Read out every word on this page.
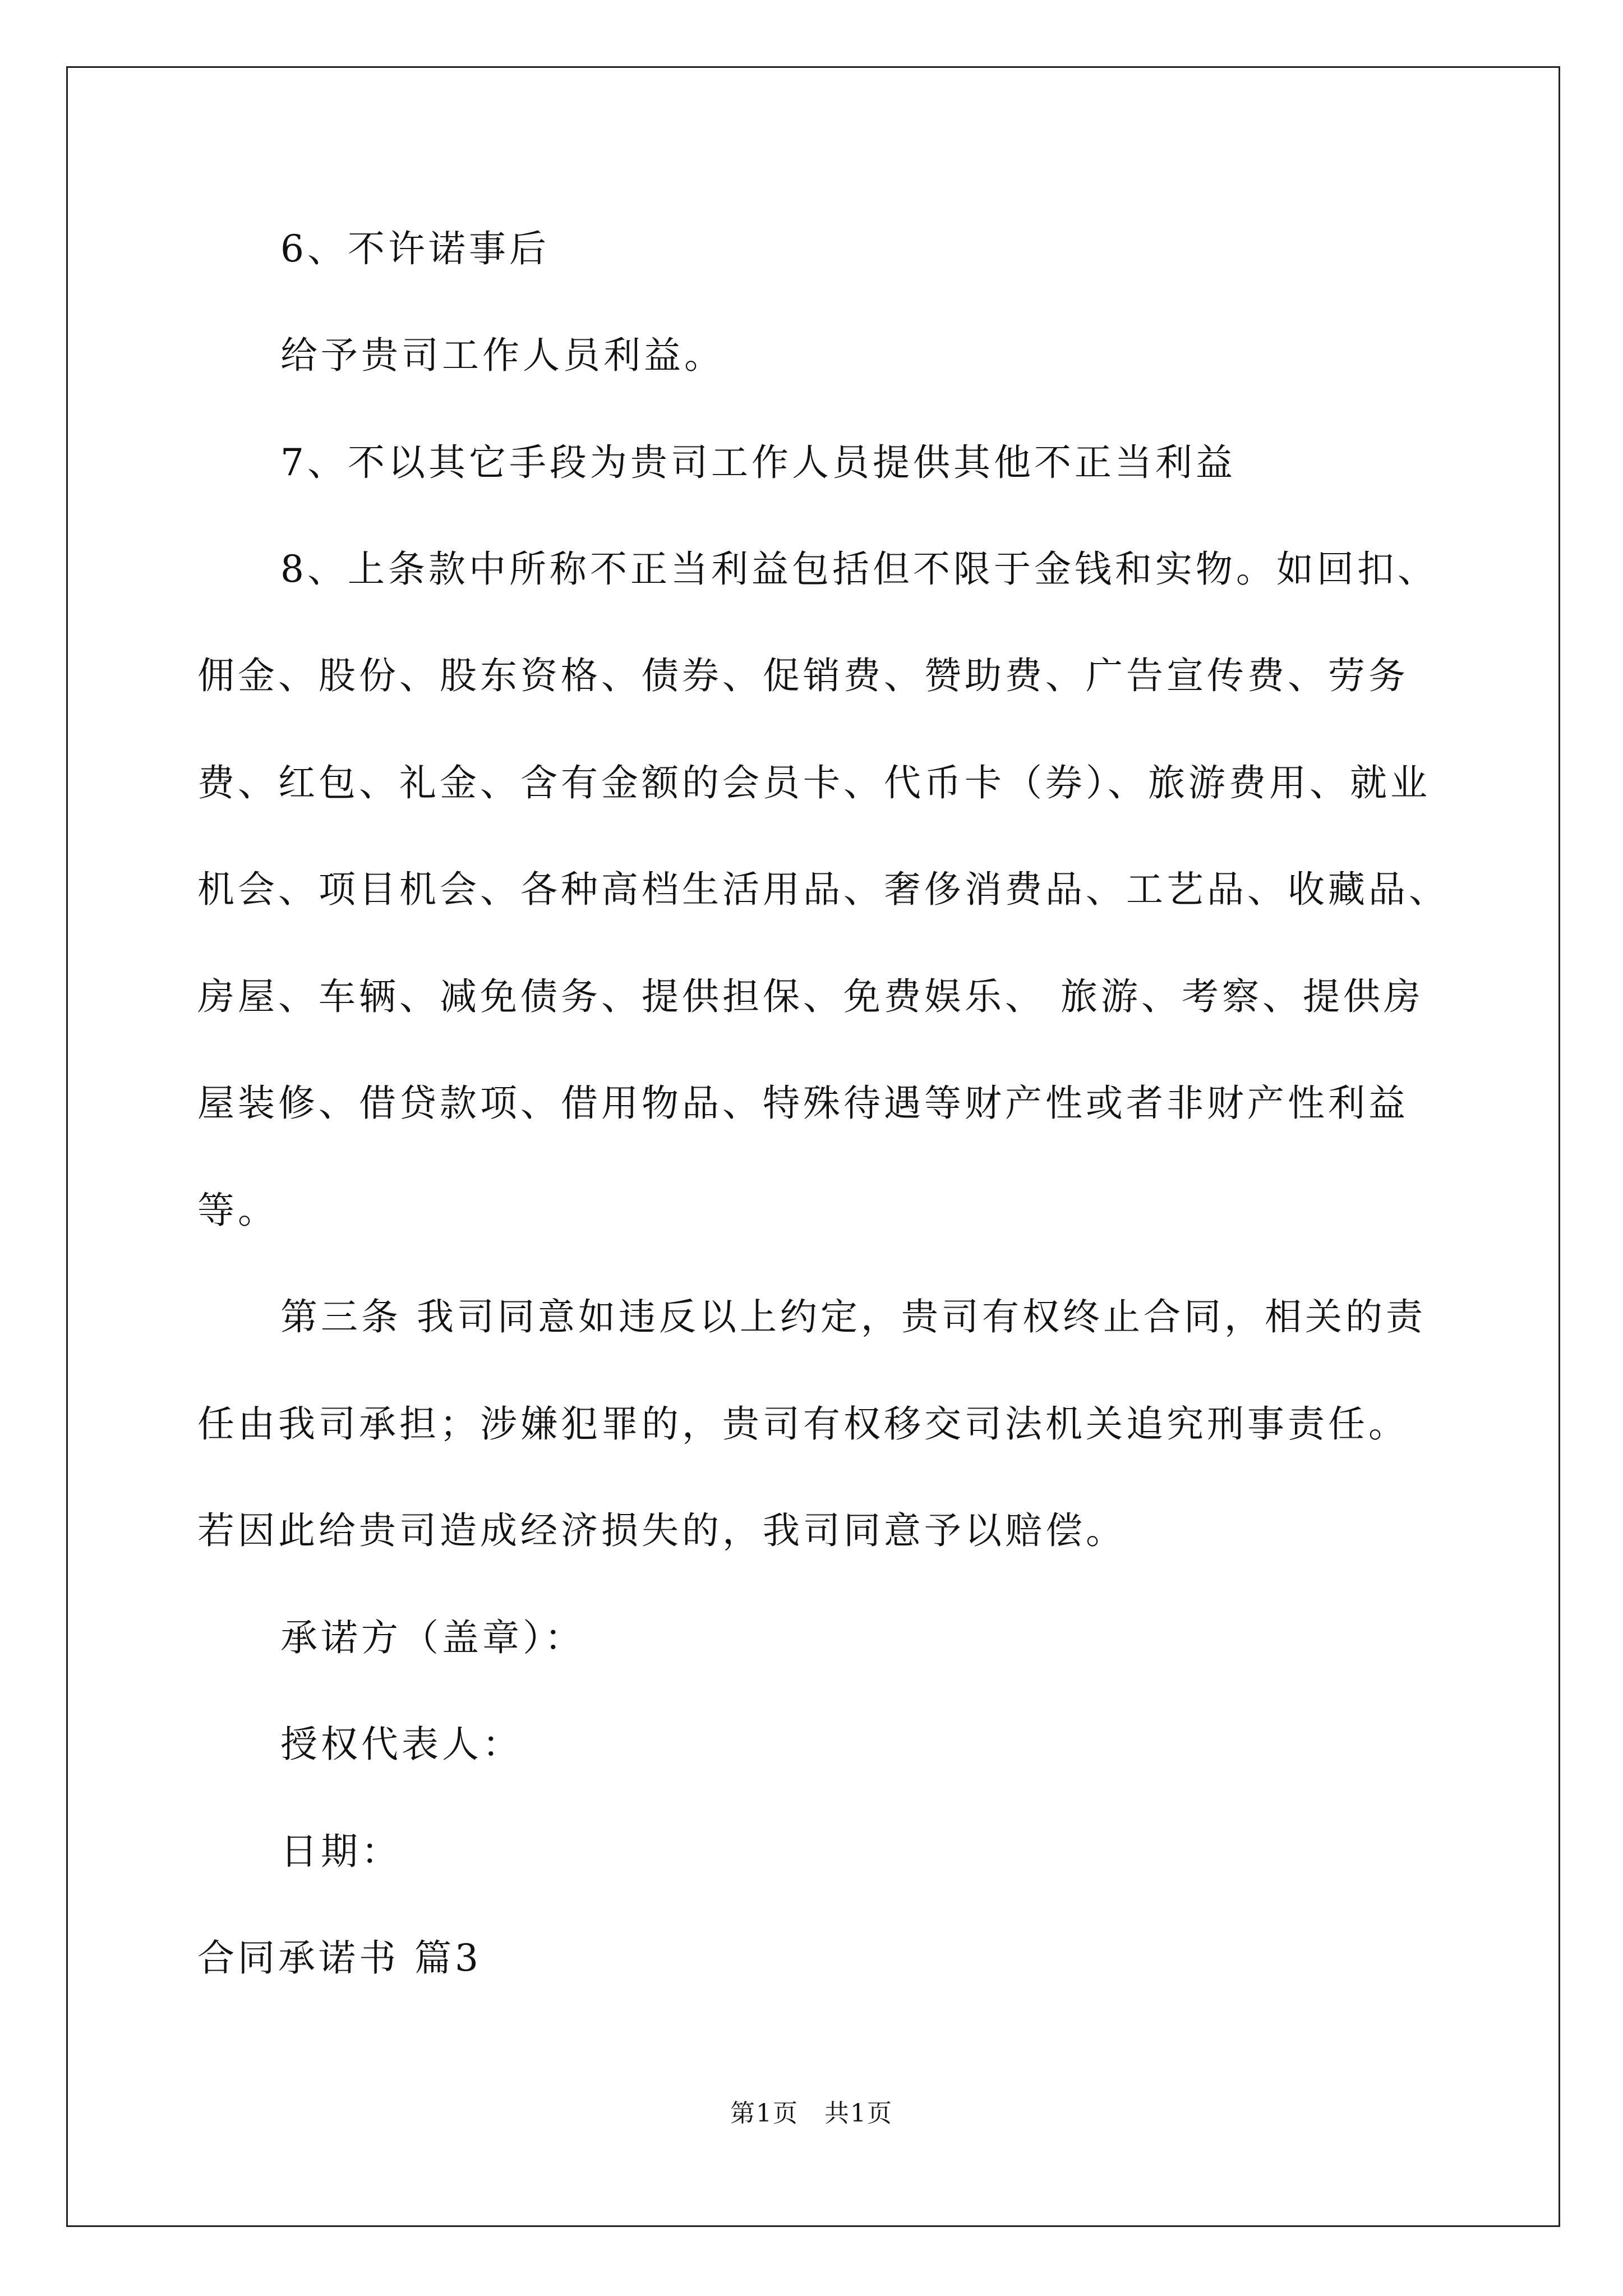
6、不许诺事后
给予贵司工作人员利益。
7、不以其它手段为贵司工作人员提供其他不正当利益
8、上条款中所称不正当利益包括但不限于金钱和实物。如回扣、
佣金、股份、股东资格、债券、促销费、赞助费、广告宣传费、劳务
费、红包、礼金、含有金额的会员卡、代币卡（券）、旅游费用、就业
机会、项目机会、各种高档生活用品、奢侈消费品、工艺品、收藏品、
房屋、车辆、减免债务、提供担保、免费娱乐、 旅游、考察、提供房
屋装修、借贷款项、借用物品、特殊待遇等财产性或者非财产性利益
等。
第三条 我司同意如违反以上约定，贵司有权终止合同，相关的责
任由我司承担；涉嫌犯罪的，贵司有权移交司法机关追究刑事责任。
若因此给贵司造成经济损失的，我司同意予以赔偿。
承诺方（盖章）：
授权代表人：
日期：
合同承诺书 篇3
第1页　共1页
